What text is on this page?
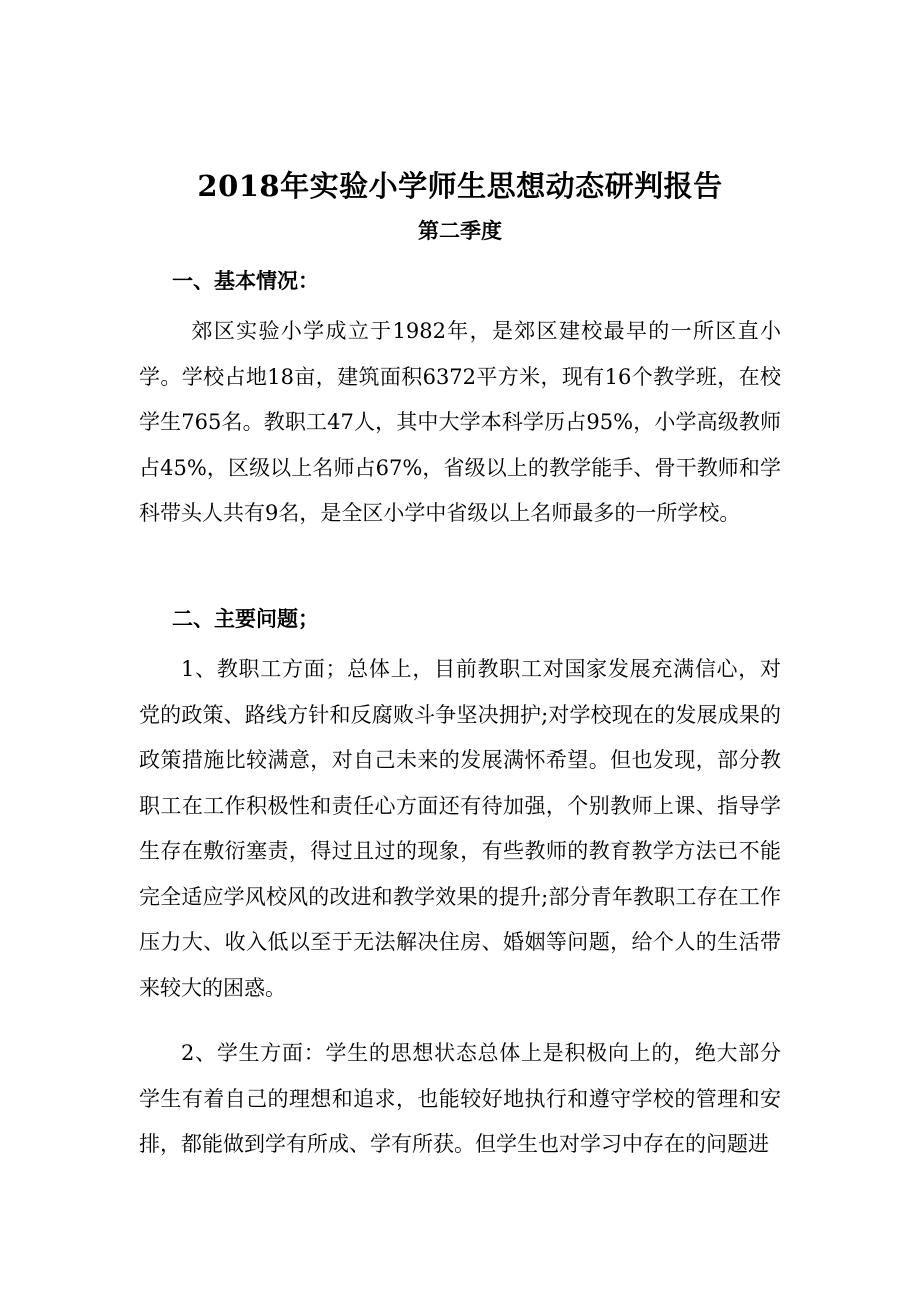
2018年实验小学师生思想动态研判报告
第二季度
一、基本情况：
郊区实验小学成立于1982年，是郊区建校最早的一所区直小学。学校占地18亩，建筑面积6372平方米，现有16个教学班，在校学生765名。教职工47人，其中大学本科学历占95%，小学高级教师占45%，区级以上名师占67%，省级以上的教学能手、骨干教师和学科带头人共有9名，是全区小学中省级以上名师最多的一所学校。
二、主要问题；
1、教职工方面；总体上，目前教职工对国家发展充满信心，对党的政策、路线方针和反腐败斗争坚决拥护;对学校现在的发展成果的政策措施比较满意，对自己未来的发展满怀希望。但也发现，部分教职工在工作积极性和责任心方面还有待加强，个别教师上课、指导学生存在敷衍塞责，得过且过的现象，有些教师的教育教学方法已不能完全适应学风校风的改进和教学效果的提升;部分青年教职工存在工作压力大、收入低以至于无法解决住房、婚姻等问题，给个人的生活带来较大的困惑。
2、学生方面：学生的思想状态总体上是积极向上的，绝大部分学生有着自己的理想和追求，也能较好地执行和遵守学校的管理和安排，都能做到学有所成、学有所获。但学生也对学习中存在的问题进
